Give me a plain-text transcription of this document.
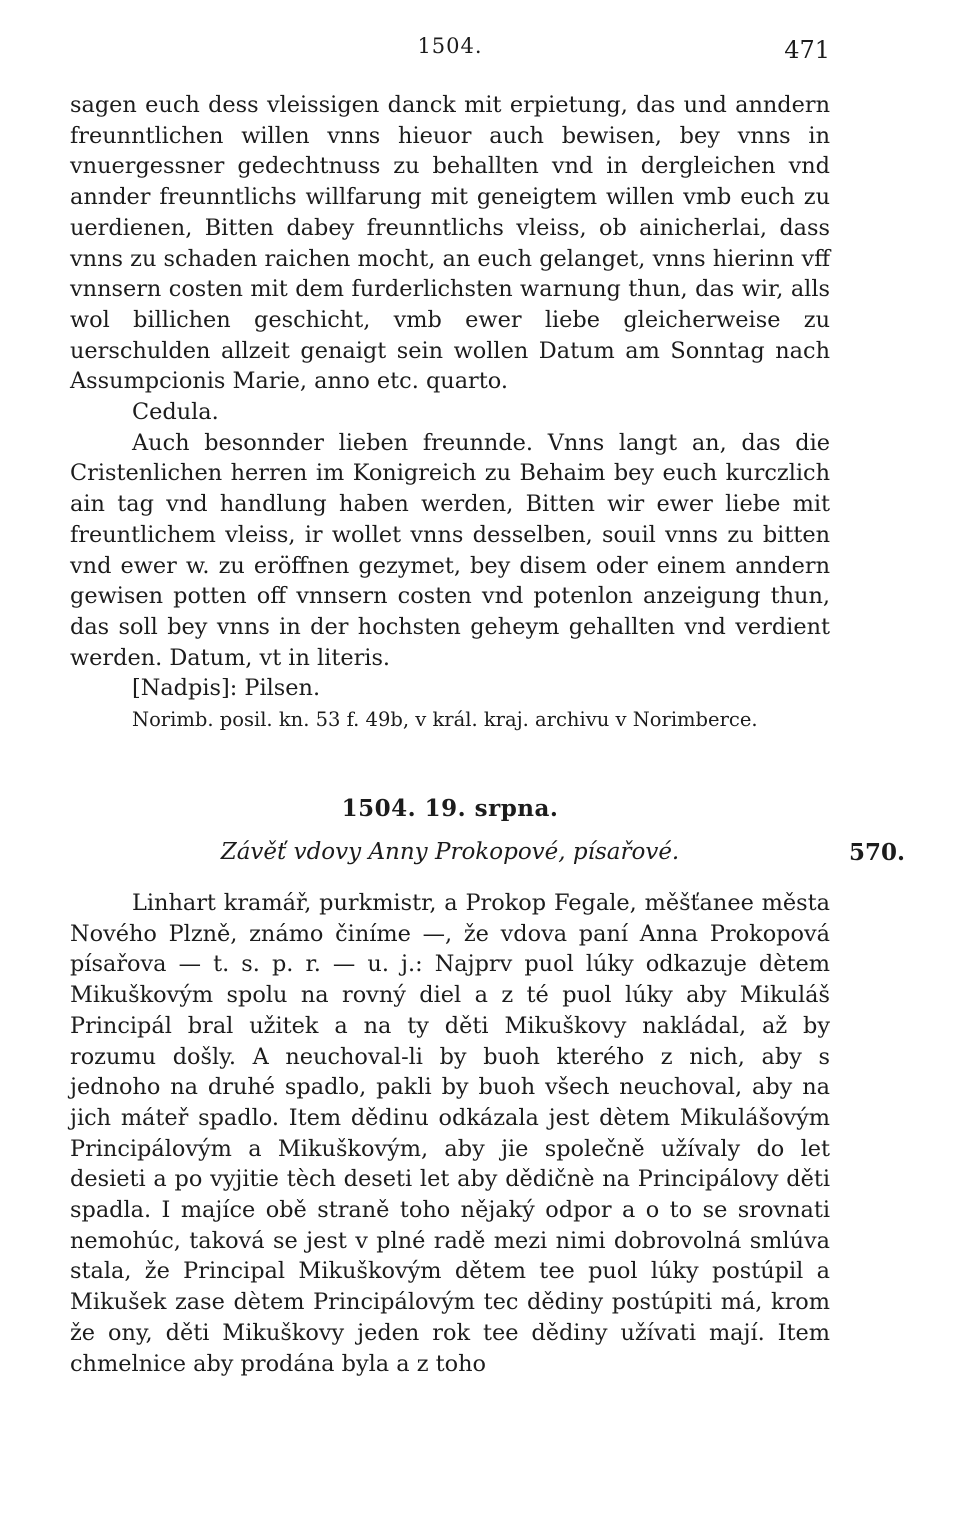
1504.	471

sagen euch dess vleissigen danck mit erpietung, das und anndern freunntlichen willen vnns hieuor auch bewisen, bey vnns in vnuergessner gedechtnuss zu behallten vnd in dergleichen vnd annder freunntlichs willfarung mit geneigtem willen vmb euch zu uerdienen, Bitten dabey freunntlichs vleiss, ob ainicherlai, dass vnns zu schaden raichen mocht, an euch gelanget, vnns hierinn vff vnnsern costen mit dem furderlichsten warnung thun, das wir, alls wol billichen geschicht, vmb ewer liebe gleicherweise zu uerschulden allzeit genaigt sein wollen Datum am Sonntag nach Assumpcionis Marie, anno etc. quarto.

Cedula.

Auch besonnder lieben freunnde. Vnns langt an, das die Cristenlichen herren im Konigreich zu Behaim bey euch kurczlich ain tag vnd handlung haben werden, Bitten wir ewer liebe mit freuntlichem vleiss, ir wollet vnns desselben, souil vnns zu bitten vnd ewer w. zu eröffnen gezymet, bey disem oder einem anndern gewisen potten off vnnsern costen vnd potenlon anzeigung thun, das soll bey vnns in der hochsten geheym gehallten vnd verdient werden. Datum, vt in literis.

[Nadpis]: Pilsen.

Norimb. posil. kn. 53 f. 49b, v král. kraj. archivu v Norimberce.

1504. 19. srpna.
Závěť vdovy Anny Prokopové, písařové.	570.

Linhart kramář, purkmistr, a Prokop Fegale, měšťanee města Nového Plzně, známo činíme —, že vdova paní Anna Prokopová písařova — t. s. p. r. — u. j.: Najprv puol lúky odkazuje dètem Mikuškovým spolu na rovný diel a z té puol lúky aby Mikuláš Principál bral užitek a na ty děti Mikuškovy nakládal, až by rozumu došly. A neuchoval-li by buoh kterého z nich, aby s jednoho na druhé spadlo, pakli by buoh všech neuchoval, aby na jich máteř spadlo. Item dědinu odkázala jest dètem Mikulášovým Principálovým a Mikuškovým, aby jie společně užívaly do let desieti a po vyjitie tèch deseti let aby dědičnè na Principálovy děti spadla. I majíce obě straně toho nějaký odpor a o to se srovnati nemohúc, taková se jest v plné radě mezi nimi dobrovolná smlúva stala, že Principal Mikuškovým dětem tee puol lúky postúpil a Mikušek zase dètem Principálovým tec dědiny postúpiti má, krom že ony, děti Mikuškovy jeden rok tee dědiny užívati mají. Item chmelnice aby prodána byla a z toho
